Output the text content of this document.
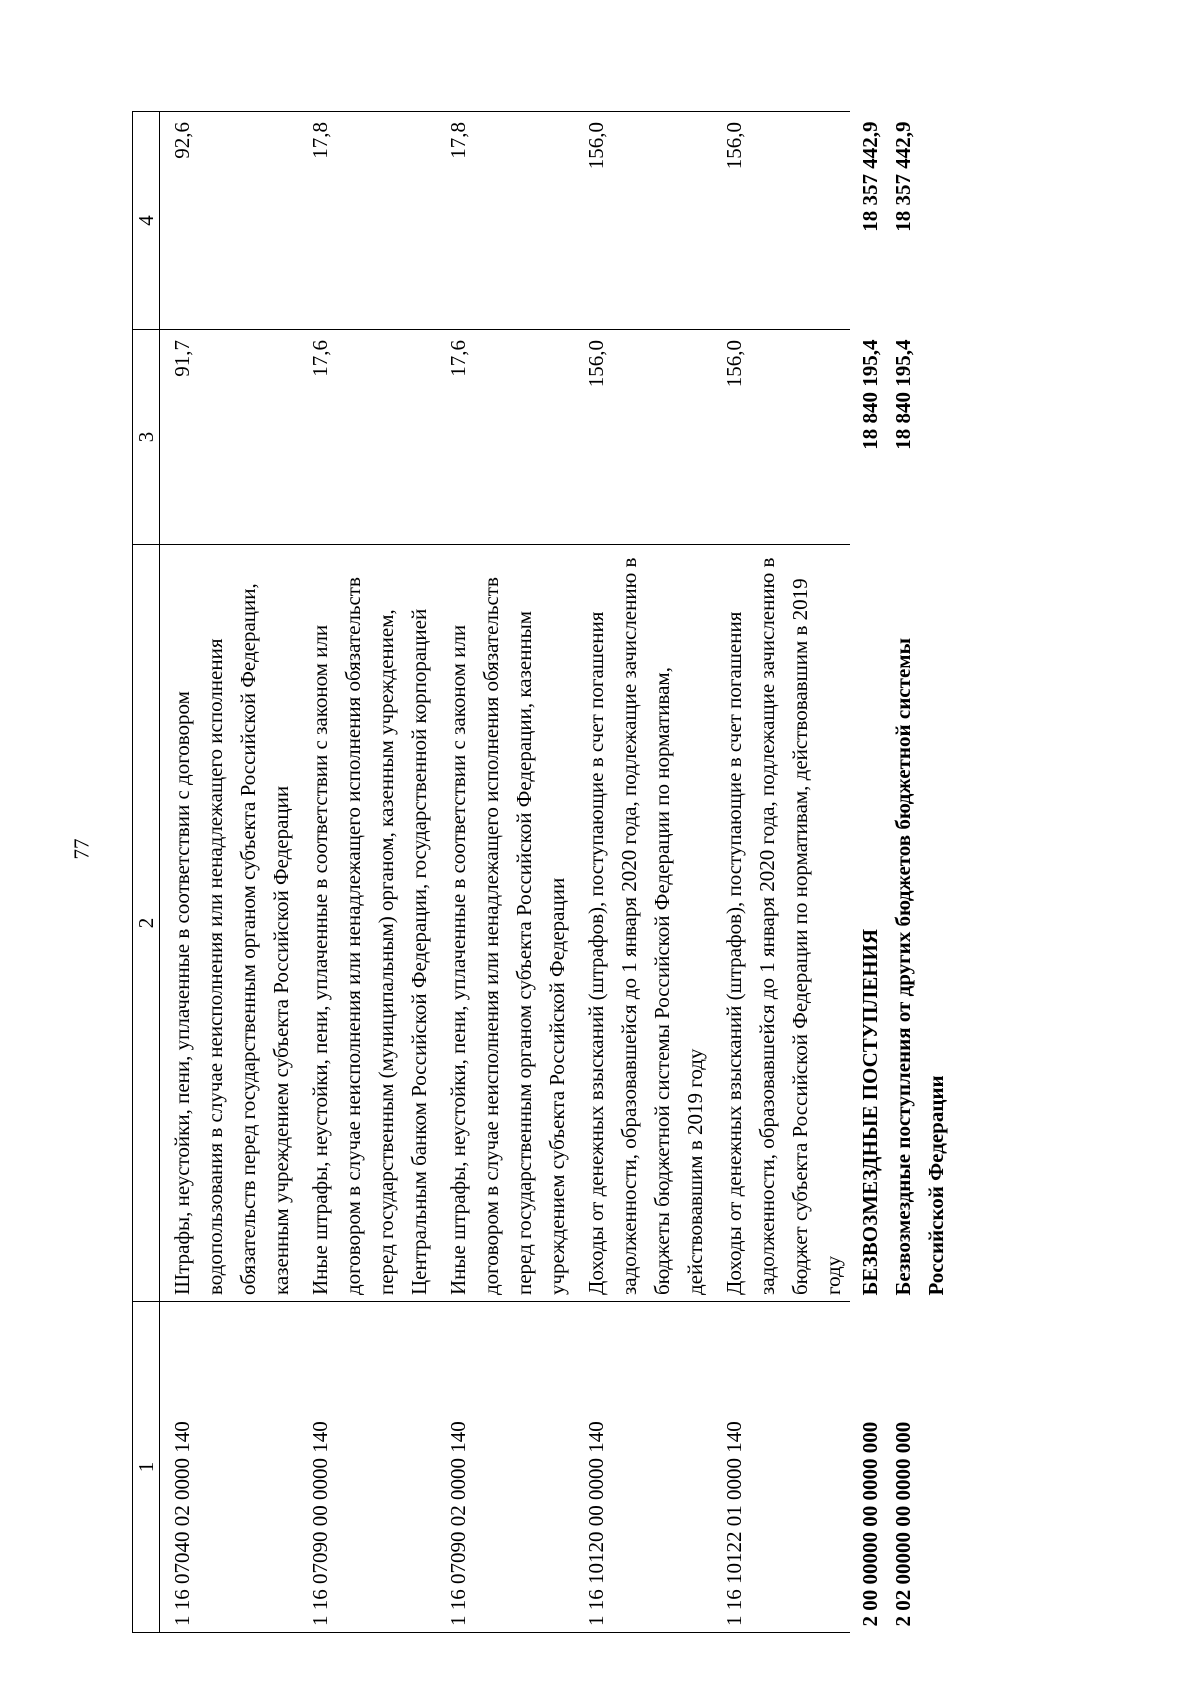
77
1	2	3	4
1 16 07040 02 0000 140	Штрафы, неустойки, пени, уплаченные в соответствии с договором водопользования в случае неисполнения или ненадлежащего исполнения обязательств перед государственным органом субъекта Российской Федерации, казенным учреждением субъекта Российской Федерации	91,7	92,6
1 16 07090 00 0000 140	Иные штрафы, неустойки, пени, уплаченные в соответствии с законом или договором в случае неисполнения или ненадлежащего исполнения обязательств перед государственным (муниципальным) органом, казенным учреждением, Центральным банком Российской Федерации, государственной корпорацией	17,6	17,8
1 16 07090 02 0000 140	Иные штрафы, неустойки, пени, уплаченные в соответствии с законом или договором в случае неисполнения или ненадлежащего исполнения обязательств перед государственным органом субъекта Российской Федерации, казенным учреждением субъекта Российской Федерации	17,6	17,8
1 16 10120 00 0000 140	Доходы от денежных взысканий (штрафов), поступающие в счет погашения задолженности, образовавшейся до 1 января 2020 года, подлежащие зачислению в бюджеты бюджетной системы Российской Федерации по нормативам, действовавшим в 2019 году	156,0	156,0
1 16 10122 01 0000 140	Доходы от денежных взысканий (штрафов), поступающие в счет погашения задолженности, образовавшейся до 1 января 2020 года, подлежащие зачислению в бюджет субъекта Российской Федерации по нормативам, действовавшим в 2019 году	156,0	156,0
2 00 00000 00 0000 000	БЕЗВОЗМЕЗДНЫЕ ПОСТУПЛЕНИЯ	18 840 195,4	18 357 442,9
2 02 00000 00 0000 000	Безвозмездные поступления от других бюджетов бюджетной системы Российской Федерации	18 840 195,4	18 357 442,9
